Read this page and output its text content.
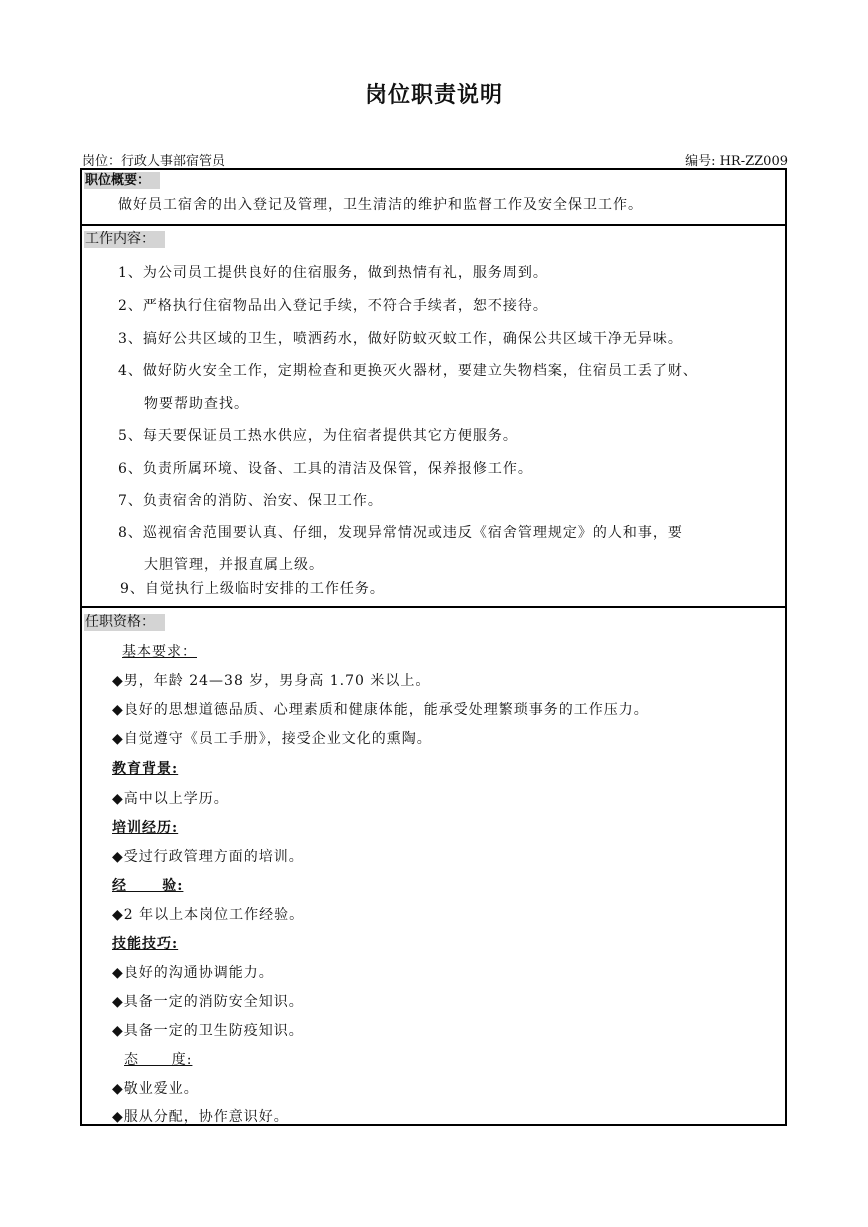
岗位职责说明
岗位：行政人事部宿管员	编号: HR-ZZ009
职位概要：
做好员工宿舍的出入登记及管理，卫生清洁的维护和监督工作及安全保卫工作。
工作内容：
1、为公司员工提供良好的住宿服务，做到热情有礼，服务周到。
2、严格执行住宿物品出入登记手续，不符合手续者，恕不接待。
3、搞好公共区域的卫生，喷洒药水，做好防蚊灭蚊工作，确保公共区域干净无异味。
4、做好防火安全工作，定期检查和更换灭火器材，要建立失物档案，住宿员工丢了财、
物要帮助查找。
5、每天要保证员工热水供应，为住宿者提供其它方便服务。
6、负责所属环境、设备、工具的清洁及保管，保养报修工作。
7、负责宿舍的消防、治安、保卫工作。
8、巡视宿舍范围要认真、仔细，发现异常情况或违反《宿舍管理规定》的人和事，要
大胆管理，并报直属上级。
9、自觉执行上级临时安排的工作任务。
任职资格：
基本要求：
◆男，年龄 24—38 岁，男身高 1.70 米以上。
◆良好的思想道德品质、心理素质和健康体能，能承受处理繁琐事务的工作压力。
◆自觉遵守《员工手册》，接受企业文化的熏陶。
教育背景:
◆高中以上学历。
培训经历:
◆受过行政管理方面的培训。
经      验:
◆2 年以上本岗位工作经验。
技能技巧:
◆良好的沟通协调能力。
◆具备一定的消防安全知识。
◆具备一定的卫生防疫知识。
态      度:
◆敬业爱业。
◆服从分配，协作意识好。
